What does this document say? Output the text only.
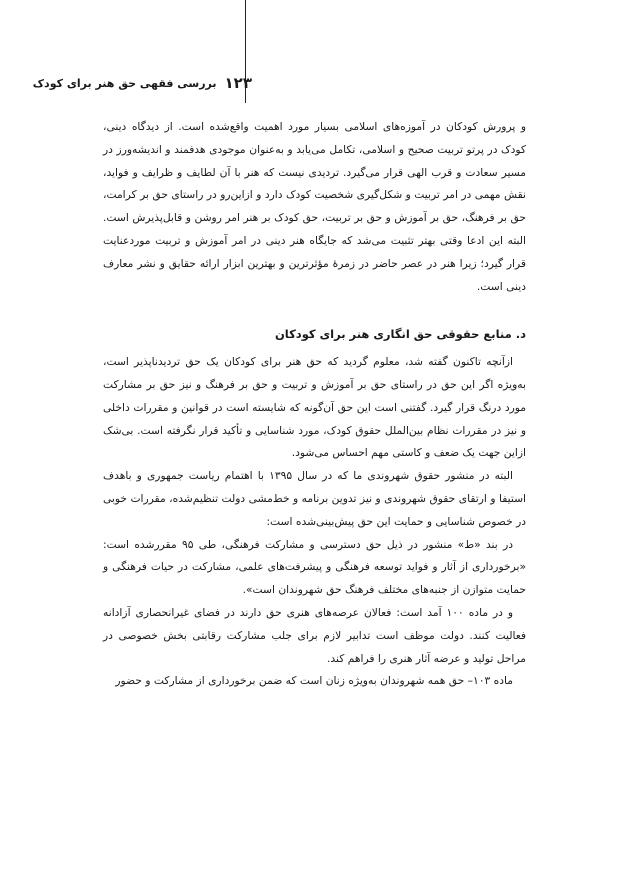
۱۲۳
بررسی فقهی حق هنر برای کودک

و پرورش کودکان در آموزه‌های اسلامی بسیار مورد اهمیت واقع‌شده است. از دیدگاه دینی، کودک در پرتو تربیت صحیح و اسلامی، تکامل می‌یابد و به‌عنوان موجودی هدفمند و اندیشه‌ورز در مسیر سعادت و قرب الهی قرار می‌گیرد. تردیدی نیست که هنر با آن لطایف و ظرایف و فواید، نقش مهمی در امر تربیت و شکل‌گیری شخصیت کودک دارد و ازاین‌رو در راستای حق بر کرامت، حق بر فرهنگ، حق بر آموزش و حق بر تربیت، حق کودک بر هنر امر روشن و قابل‌پذیرش است. البته این ادعا وقتی بهتر تثبیت می‌شد که جایگاه هنر دینی در امر آموزش و تربیت موردعنایت قرار گیرد؛ زیرا هنر در عصر حاضر در زمرهٔ مؤثرترین و بهترین ابزار ارائه حقایق و نشر معارف دینی است.

د. منابع حقوقی حق انگاری هنر برای کودکان

ازآنچه تاکنون گفته شد، معلوم گردید که حق هنر برای کودکان یک حق تردیدناپذیر است، به‌ویژه اگر این حق در راستای حق بر آموزش و تربیت و حق بر فرهنگ و نیز حق بر مشارکت مورد درنگ قرار گیرد. گفتنی است این حق آن‌گونه که شایسته است در قوانین و مقررات داخلی و نیز در مقررات نظام بین‌الملل حقوق کودک، مورد شناسایی و تأکید قرار نگرفته است. بی‌شک ازاین جهت یک ضعف و کاستی مهم احساس می‌شود.

البته در منشور حقوق شهروندی ما که در سال ۱۳۹۵ با اهتمام ریاست جمهوری و باهدف استیفا و ارتقای حقوق شهروندی و نیز تدوین برنامه و خط‌مشی دولت تنظیم‌شده، مقررات خوبی در خصوص شناسایی و حمایت این حق پیش‌بینی‌شده است:

در بند «ط» منشور در ذیل حق دسترسی و مشارکت فرهنگی، طی ۹۵ مقررشده است: «برخورداری از آثار و فواید توسعه فرهنگی و پیشرفت‌های علمی، مشارکت در حیات فرهنگی و حمایت متوازن از جنبه‌های مختلف فرهنگ حق شهروندان است».

و در ماده ۱۰۰ آمد است: فعالان عرصه‌های هنری حق دارند در فضای غیرانحصاری آزادانه فعالیت کنند. دولت موظف است تدابیر لازم برای جلب مشارکت رقابتی بخش خصوصی در مراحل تولید و عرضه آثار هنری را فراهم کند.

ماده ۱۰۳– حق همه شهروندان به‌ویژه زنان است که ضمن برخورداری از مشارکت و حضور
